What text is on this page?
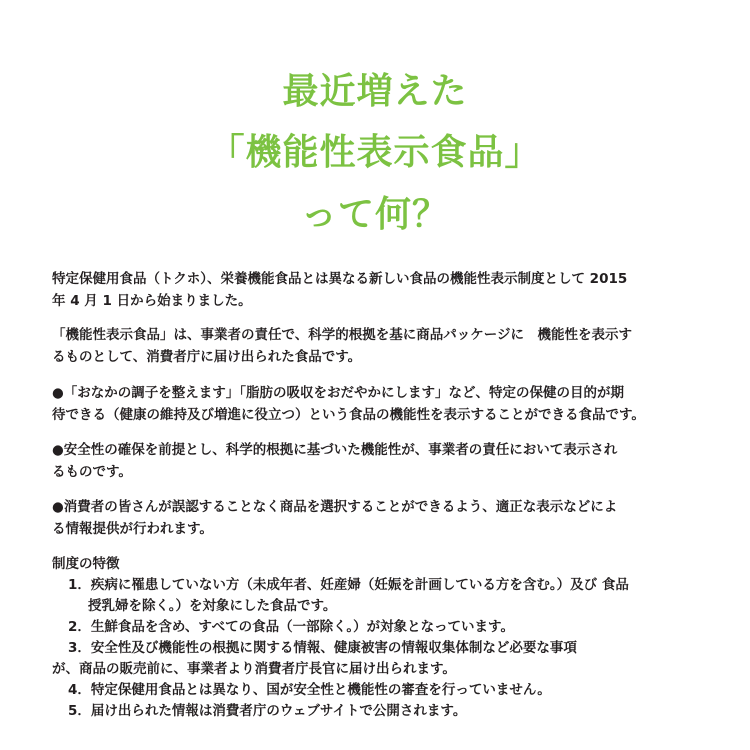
最近増えた
「機能性表示食品」
って何？
特定保健用食品（トクホ）、栄養機能食品とは異なる新しい食品の機能性表示制度として 2015
年 4 月 1 日から始まりました。
「機能性表示食品」は、事業者の責任で、科学的根拠を基に商品パッケージに　機能性を表示す
るものとして、消費者庁に届け出られた食品です。
●「おなかの調子を整えます」「脂肪の吸収をおだやかにします」など、特定の保健の目的が期
待できる（健康の維持及び増進に役立つ）という食品の機能性を表示することができる食品です。
●安全性の確保を前提とし、科学的根拠に基づいた機能性が、事業者の責任において表示され
るものです。
●消費者の皆さんが誤認することなく商品を選択することができるよう、適正な表示などによ
る情報提供が行われます。
制度の特徴
1．疾病に罹患していない方（未成年者、妊産婦（妊娠を計画している方を含む。）及び 食品
授乳婦を除く。）を対象にした食品です。
2．生鮮食品を含め、すべての食品（一部除く。）が対象となっています。
3．安全性及び機能性の根拠に関する情報、健康被害の情報収集体制など必要な事項
が、商品の販売前に、事業者より消費者庁長官に届け出られます。
4．特定保健用食品とは異なり、国が安全性と機能性の審査を行っていません。
5．届け出られた情報は消費者庁のウェブサイトで公開されます。
